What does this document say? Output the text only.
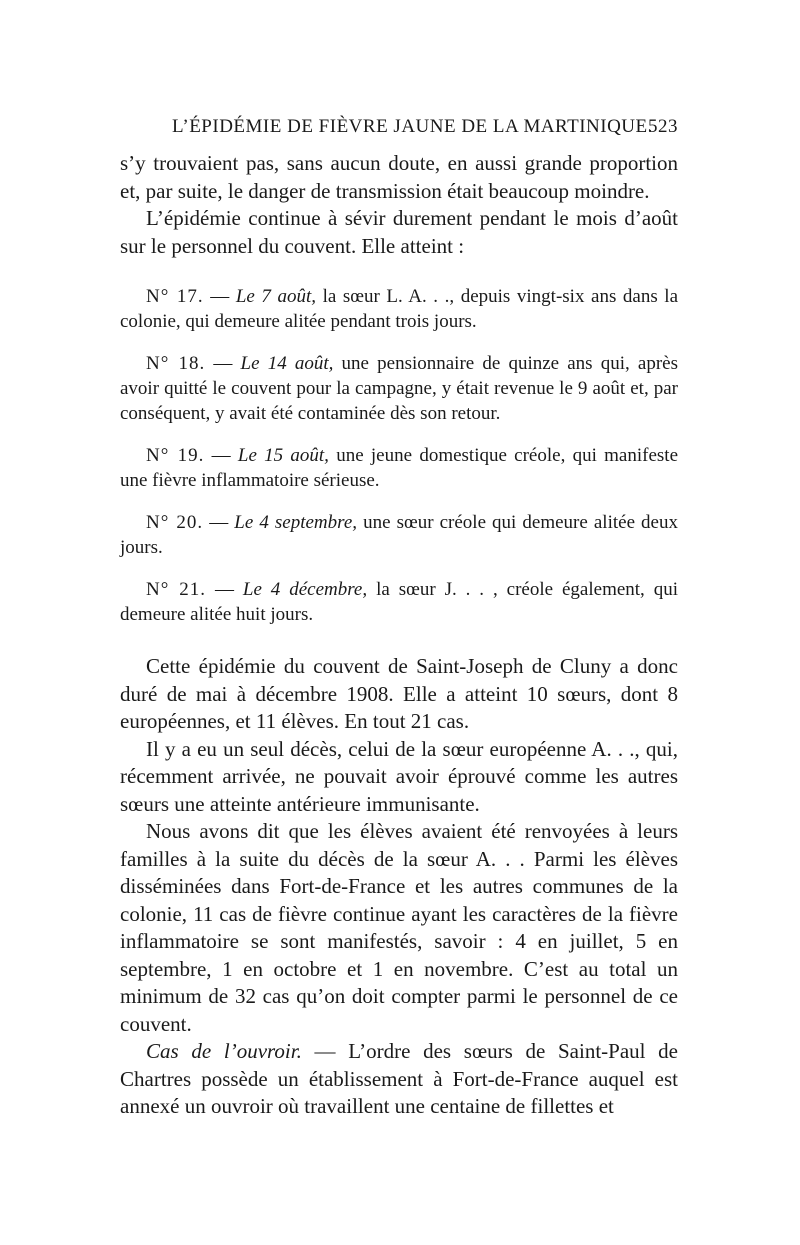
L’ÉPIDÉMIE DE FIÈVRE JAUNE DE LA MARTINIQUE.
523

s’y trouvaient pas, sans aucun doute, en aussi grande proportion et, par suite, le danger de transmission était beaucoup moindre.

L’épidémie continue à sévir durement pendant le mois d’août sur le personnel du couvent. Elle atteint :

N° 17. — Le 7 août, la sœur L. A. . ., depuis vingt-six ans dans la colonie, qui demeure alitée pendant trois jours.

N° 18. — Le 14 août, une pensionnaire de quinze ans qui, après avoir quitté le couvent pour la campagne, y était revenue le 9 août et, par conséquent, y avait été contaminée dès son retour.

N° 19. — Le 15 août, une jeune domestique créole, qui manifeste une fièvre inflammatoire sérieuse.

N° 20. — Le 4 septembre, une sœur créole qui demeure alitée deux jours.

N° 21. — Le 4 décembre, la sœur J. . . , créole également, qui demeure alitée huit jours.

Cette épidémie du couvent de Saint-Joseph de Cluny a donc duré de mai à décembre 1908. Elle a atteint 10 sœurs, dont 8 européennes, et 11 élèves. En tout 21 cas.

Il y a eu un seul décès, celui de la sœur européenne A. . ., qui, récemment arrivée, ne pouvait avoir éprouvé comme les autres sœurs une atteinte antérieure immunisante.

Nous avons dit que les élèves avaient été renvoyées à leurs familles à la suite du décès de la sœur A. . . Parmi les élèves disséminées dans Fort-de-France et les autres communes de la colonie, 11 cas de fièvre continue ayant les caractères de la fièvre inflammatoire se sont manifestés, savoir : 4 en juillet, 5 en septembre, 1 en octobre et 1 en novembre. C’est au total un minimum de 32 cas qu’on doit compter parmi le personnel de ce couvent.

Cas de l’ouvroir. — L’ordre des sœurs de Saint-Paul de Chartres possède un établissement à Fort-de-France auquel est annexé un ouvroir où travaillent une centaine de fillettes et
